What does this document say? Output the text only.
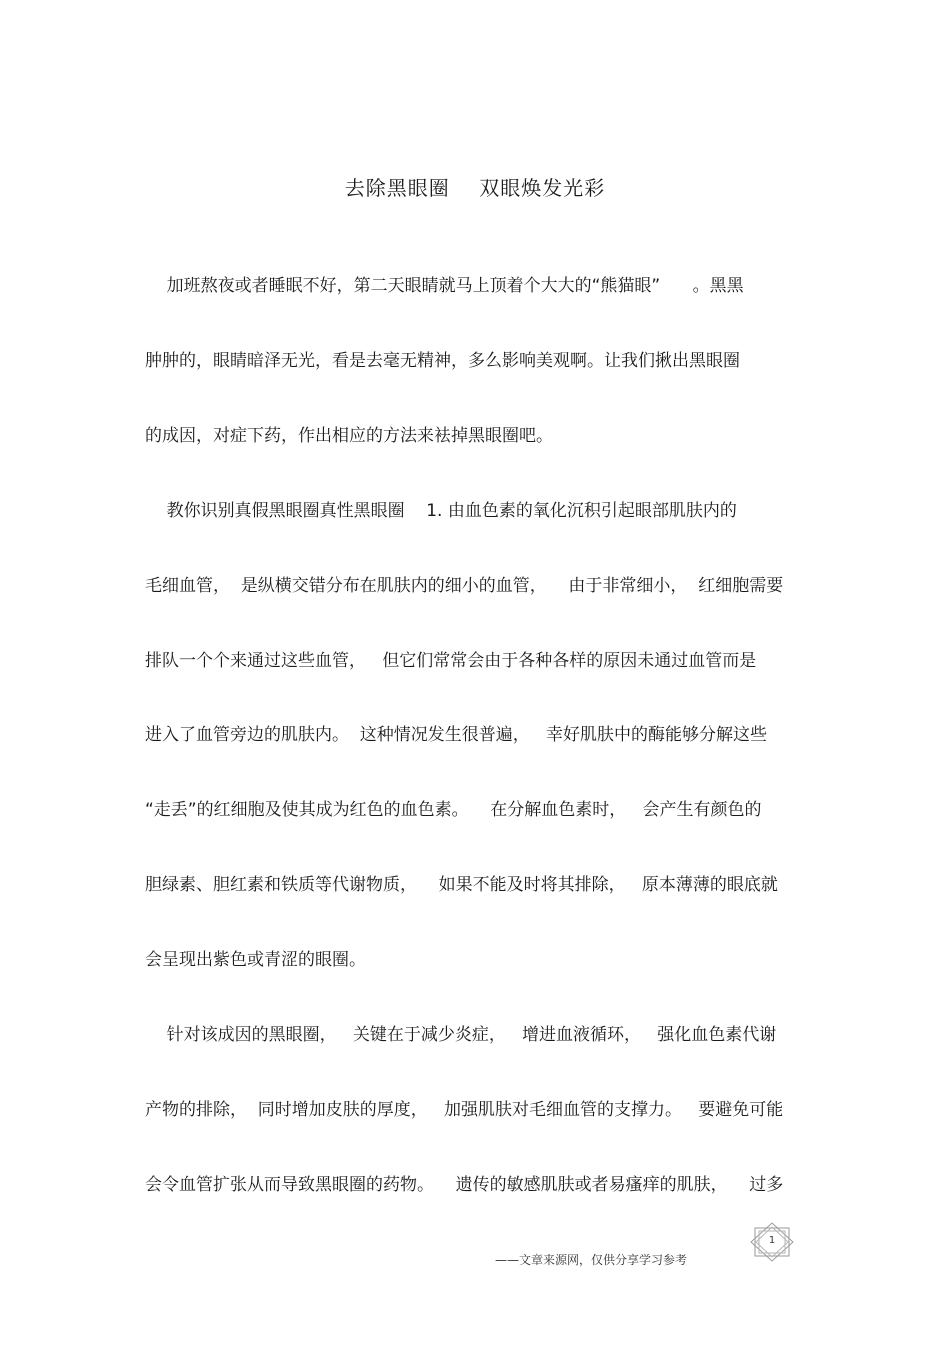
去除黑眼圈    双眼焕发光彩
加班熬夜或者睡眠不好，第二天眼睛就马上顶着个大大的“熊猫眼”      。黑黑
肿肿的，眼睛暗泽无光，看是去毫无精神，多么影响美观啊。让我们揪出黑眼圈
的成因，对症下药，作出相应的方法来袪掉黑眼圈吧。
教你识别真假黑眼圈真性黑眼圈    1. 由血色素的氧化沉积引起眼部肌肤内的
毛细血管，  是纵横交错分布在肌肤内的细小的血管，    由于非常细小，  红细胞需要
排队一个个来通过这些血管，   但它们常常会由于各种各样的原因未通过血管而是
进入了血管旁边的肌肤内。  这种情况发生很普遍，   幸好肌肤中的酶能够分解这些
“走丢”的红细胞及使其成为红色的血色素。    在分解血色素时，   会产生有颜色的
胆绿素、胆红素和铁质等代谢物质，    如果不能及时将其排除，   原本薄薄的眼底就
会呈现出紫色或青涩的眼圈。
针对该成因的黑眼圈，   关键在于减少炎症，   增进血液循环，   强化血色素代谢
产物的排除，  同时增加皮肤的厚度，   加强肌肤对毛细血管的支撑力。   要避免可能
会令血管扩张从而导致黑眼圈的药物。    遗传的敏感肌肤或者易瘙痒的肌肤，    过多
1
——文章来源网，仅供分享学习参考
